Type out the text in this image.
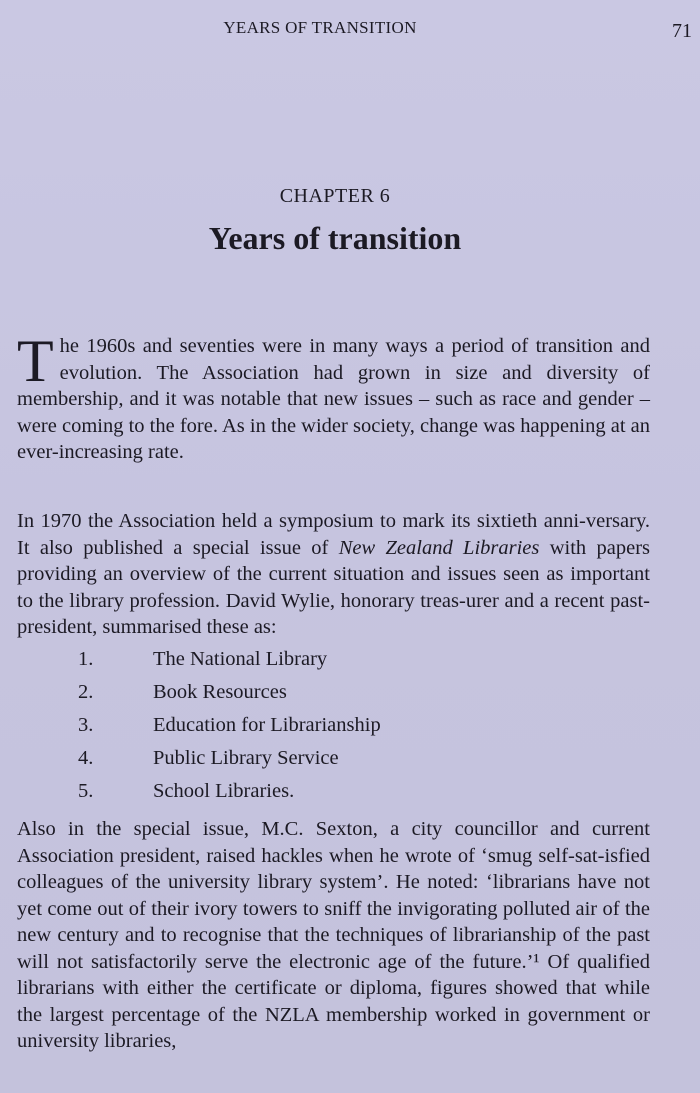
YEARS OF TRANSITION	71
CHAPTER 6
Years of transition
The 1960s and seventies were in many ways a period of transition and evolution. The Association had grown in size and diversity of membership, and it was notable that new issues – such as race and gender – were coming to the fore. As in the wider society, change was happening at an ever-increasing rate.
In 1970 the Association held a symposium to mark its sixtieth anni-versary. It also published a special issue of New Zealand Libraries with papers providing an overview of the current situation and issues seen as important to the library profession. David Wylie, honorary treas-urer and a recent past-president, summarised these as:
1.	The National Library
2.	Book Resources
3.	Education for Librarianship
4.	Public Library Service
5.	School Libraries.
Also in the special issue, M.C. Sexton, a city councillor and current Association president, raised hackles when he wrote of ‘smug self-sat-isfied colleagues of the university library system’. He noted: ‘librarians have not yet come out of their ivory towers to sniff the invigorating polluted air of the new century and to recognise that the techniques of librarianship of the past will not satisfactorily serve the electronic age of the future.’¹ Of qualified librarians with either the certificate or diploma, figures showed that while the largest percentage of the NZLA membership worked in government or university libraries,
